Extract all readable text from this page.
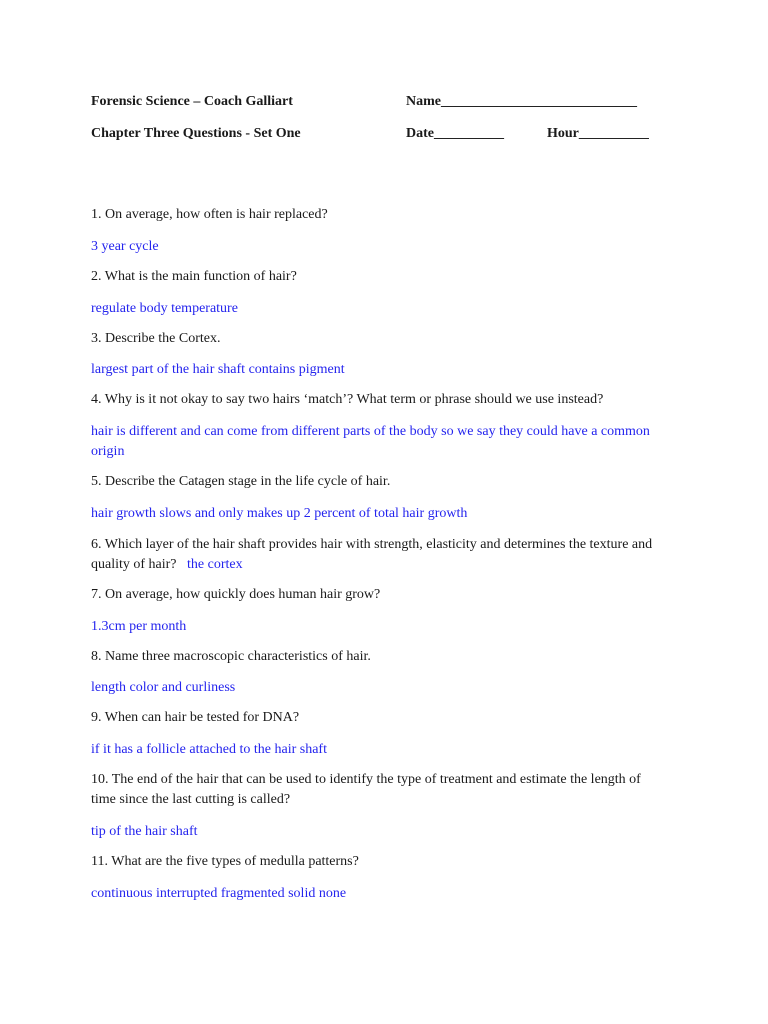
Forensic Science – Coach Galliart	Name____________________________
Chapter Three Questions - Set One	Date__________	Hour__________
1. On average, how often is hair replaced?
3 year cycle
2. What is the main function of hair?
regulate body temperature
3. Describe the Cortex.
largest part of the hair shaft contains pigment
4. Why is it not okay to say two hairs ‘match’? What term or phrase should we use instead?
hair is different and can come from different parts of the body so we say they could have a common origin
5. Describe the Catagen stage in the life cycle of hair.
hair growth slows and only makes up 2 percent of total hair growth
6. Which layer of the hair shaft provides hair with strength, elasticity and determines the texture and quality of hair? the cortex
7. On average, how quickly does human hair grow?
1.3cm per month
8. Name three macroscopic characteristics of hair.
length color and curliness
9. When can hair be tested for DNA?
if it has a follicle attached to the hair shaft
10. The end of the hair that can be used to identify the type of treatment and estimate the length of time since the last cutting is called?
tip of the hair shaft
11. What are the five types of medulla patterns?
continuous interrupted fragmented solid none
